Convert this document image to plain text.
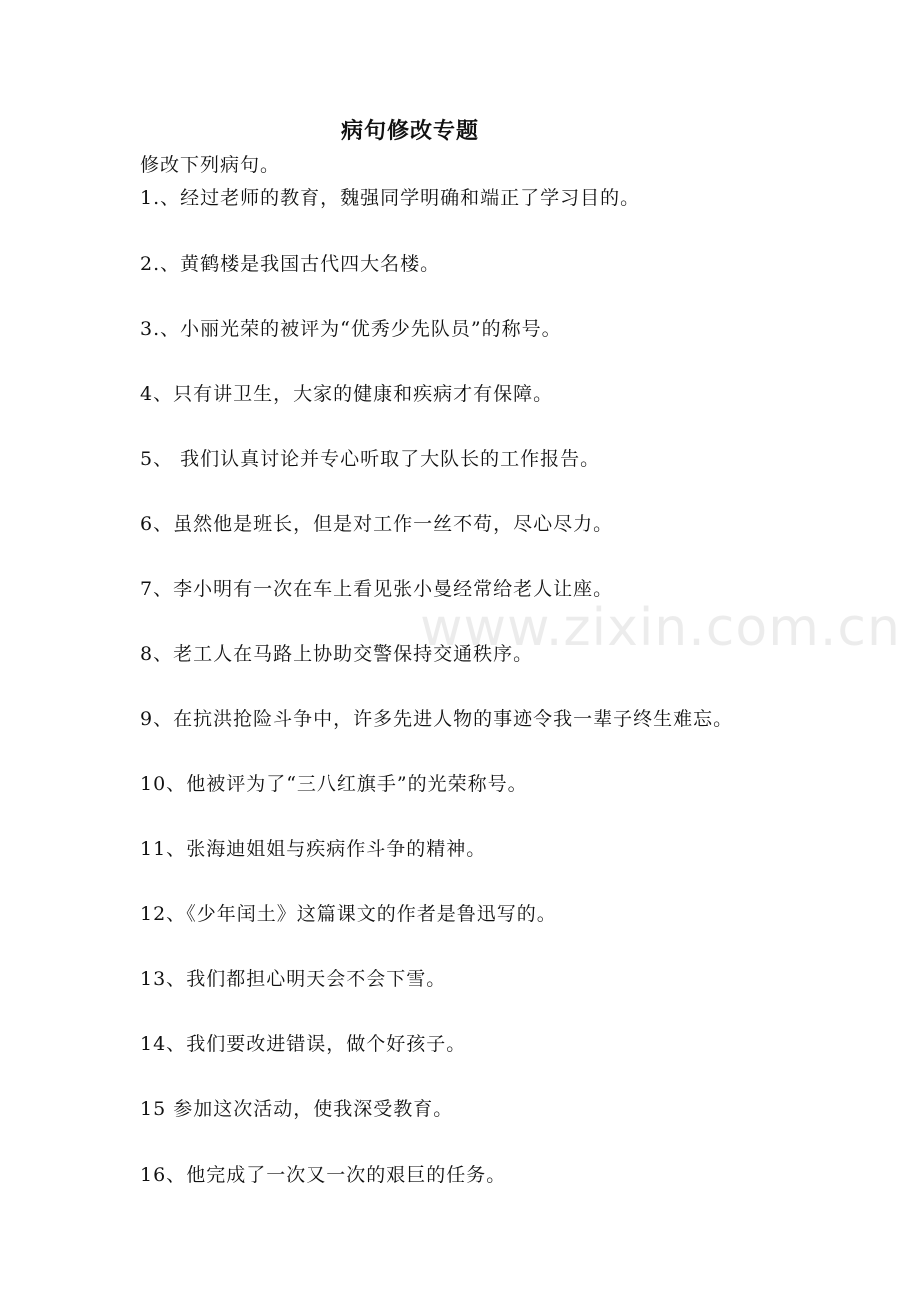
病句修改专题
修改下列病句。
1.、经过老师的教育，魏强同学明确和端正了学习目的。
2.、黄鹤楼是我国古代四大名楼。
3.、小丽光荣的被评为“优秀少先队员”的称号。
4、只有讲卫生，大家的健康和疾病才有保障。
5、 我们认真讨论并专心听取了大队长的工作报告。
6、虽然他是班长，但是对工作一丝不苟，尽心尽力。
7、李小明有一次在车上看见张小曼经常给老人让座。
8、老工人在马路上协助交警保持交通秩序。
9、在抗洪抢险斗争中，许多先进人物的事迹令我一辈子终生难忘。
10、他被评为了“三八红旗手”的光荣称号。
11、张海迪姐姐与疾病作斗争的精神。
12、《少年闰土》这篇课文的作者是鲁迅写的。
13、我们都担心明天会不会下雪。
14、我们要改进错误，做个好孩子。
15 参加这次活动，使我深受教育。
16、他完成了一次又一次的艰巨的任务。
www.zixin.com.cn
